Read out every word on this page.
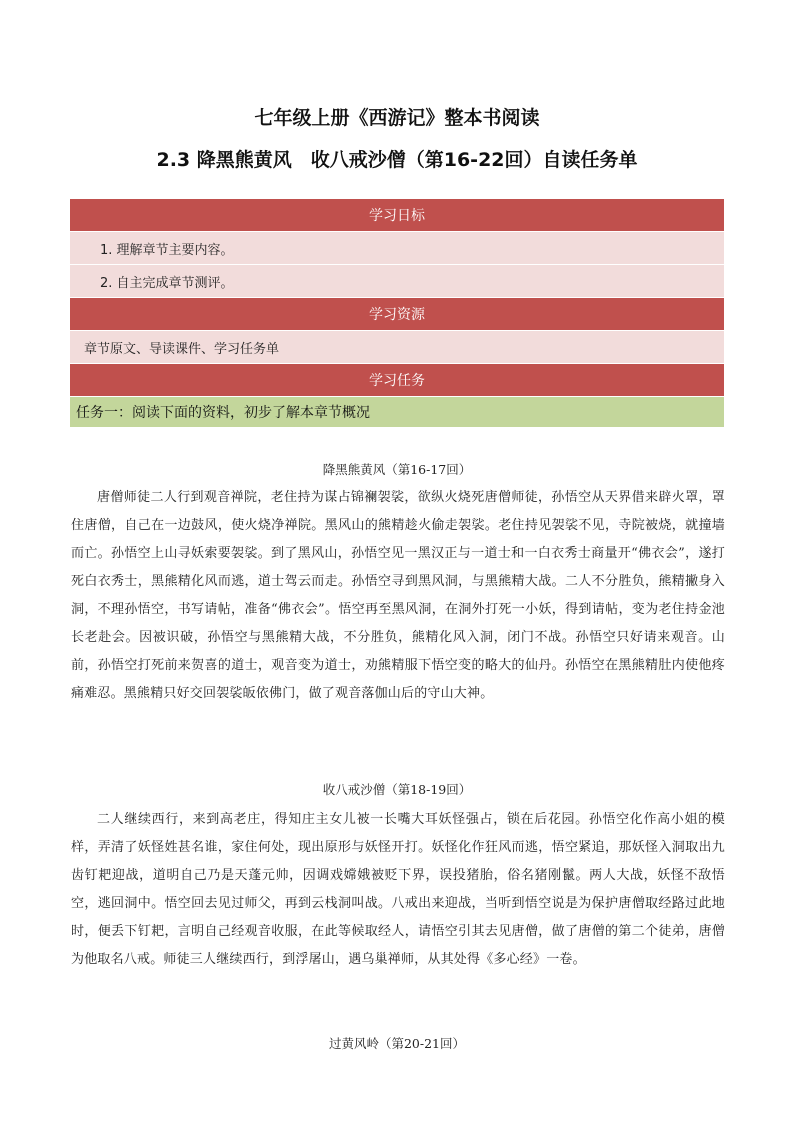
七年级上册《西游记》整本书阅读
2.3 降黑熊黄风　收八戒沙僧（第16-22回）自读任务单
学习日标
1. 理解章节主要内容。
2. 自主完成章节测评。
学习资源
章节原文、导读课件、学习任务单
学习任务
任务一：阅读下面的资料，初步了解本章节概况
降黑熊黄风（第16-17回）

唐僧师徒二人行到观音禅院，老住持为谋占锦襕袈裟，欲纵火烧死唐僧师徒，孙悟空从天界借来辟火罩，罩住唐僧，自己在一边鼓风，使火烧净禅院。黑风山的熊精趁火偷走袈裟。老住持见袈裟不见，寺院被烧，就撞墙而亡。孙悟空上山寻妖索要袈裟。到了黑风山，孙悟空见一黑汉正与一道士和一白衣秀士商量开“佛衣会”，遂打死白衣秀士，黑熊精化风而逃，道士驾云而走。孙悟空寻到黑风洞，与黑熊精大战。二人不分胜负，熊精撇身入洞，不理孙悟空，书写请帖，准备“佛衣会”。悟空再至黑风洞，在洞外打死一小妖，得到请帖，变为老住持金池长老赴会。因被识破，孙悟空与黑熊精大战，不分胜负，熊精化风入洞，闭门不战。孙悟空只好请来观音。山前，孙悟空打死前来贺喜的道士，观音变为道士，劝熊精服下悟空变的略大的仙丹。孙悟空在黑熊精肚内使他疼痛难忍。黑熊精只好交回袈裟皈依佛门，做了观音落伽山后的守山大神。

收八戒沙僧（第18-19回）

二人继续西行，来到高老庄，得知庄主女儿被一长嘴大耳妖怪强占，锁在后花园。孙悟空化作高小姐的模样，弄清了妖怪姓甚名谁，家住何处，现出原形与妖怪开打。妖怪化作狂风而逃，悟空紧追，那妖怪入洞取出九齿钉耙迎战，道明自己乃是天蓬元帅，因调戏嫦娥被贬下界，误投猪胎，俗名猪刚鬣。两人大战，妖怪不敌悟空，逃回洞中。悟空回去见过师父，再到云栈洞叫战。八戒出来迎战，当听到悟空说是为保护唐僧取经路过此地时，便丢下钉耙，言明自己经观音收服，在此等候取经人，请悟空引其去见唐僧，做了唐僧的第二个徒弟，唐僧为他取名八戒。师徒三人继续西行，到浮屠山，遇乌巢禅师，从其处得《多心经》一卷。

过黄风岭（第20-21回）
